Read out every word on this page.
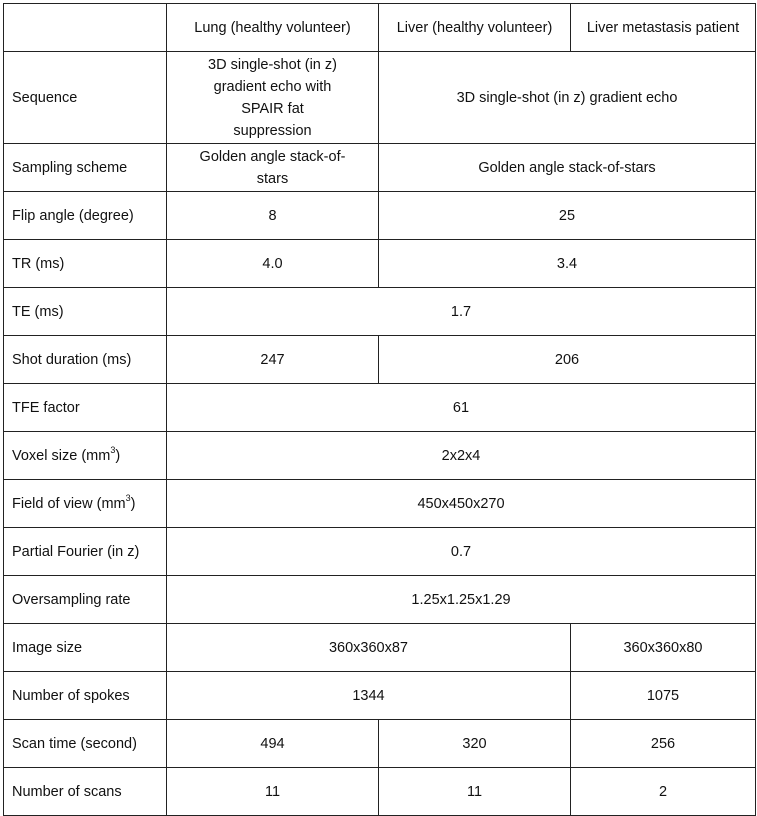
	Lung (healthy volunteer)	Liver (healthy volunteer)	Liver metastasis patient
Sequence	3D single-shot (in z) gradient echo with SPAIR fat suppression	3D single-shot (in z) gradient echo	
Sampling scheme	Golden angle stack-of-stars	Golden angle stack-of-stars	
Flip angle (degree)	8	25	
TR (ms)	4.0	3.4	
TE (ms)	1.7		
Shot duration (ms)	247	206	
TFE factor	61		
Voxel size $(mm^3)$	2x2x4		
Field of view $(mm^3)$	450x450x270		
Partial Fourier (in z)	0.7		
Oversampling rate	1.25x1.25x1.29		
Image size	360x360x87		360x360x80
Number of spokes	1344		1075
Scan time (second)	494	320	256
Number of scans	11	11	2
